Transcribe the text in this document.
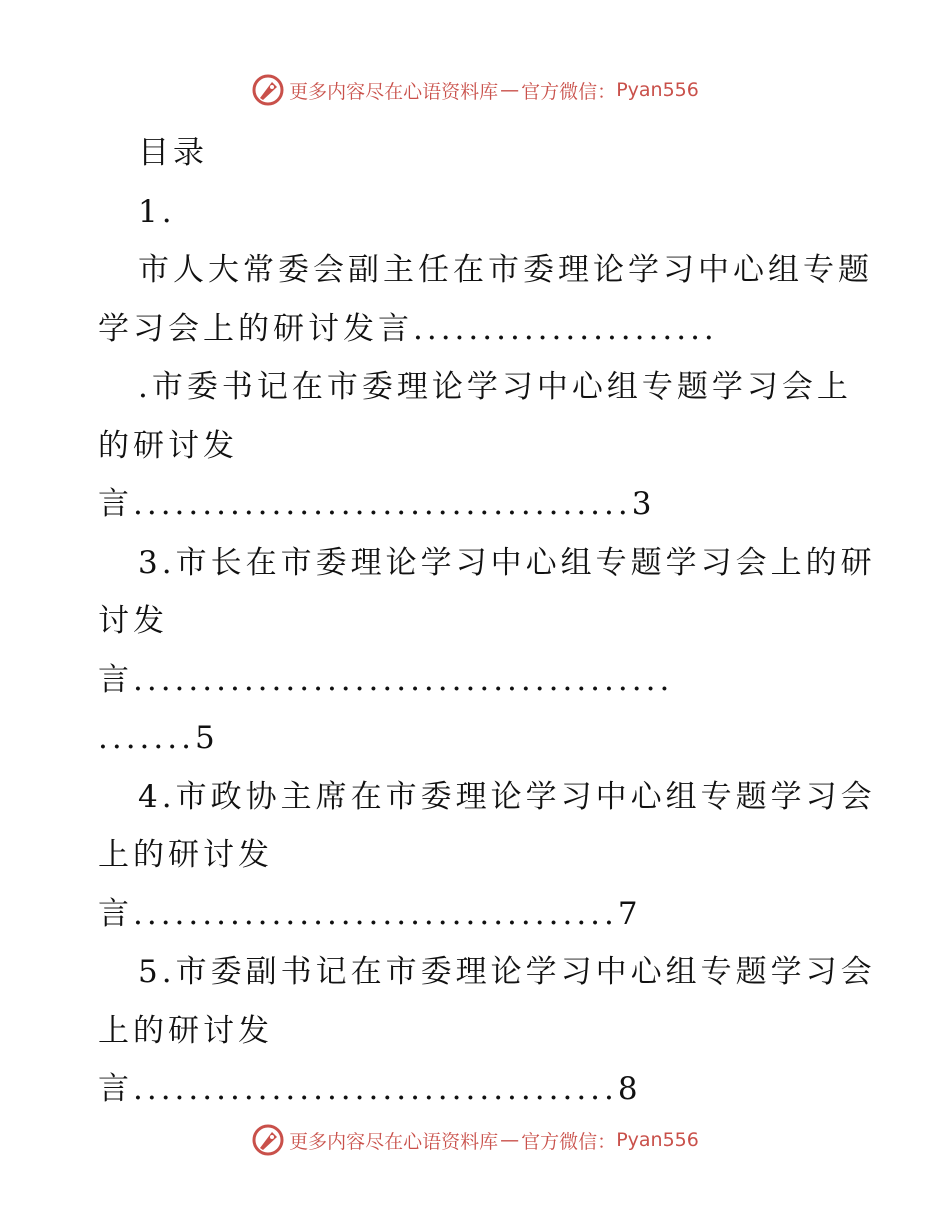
更多内容尽在心语资料库 — 官方微信： Pyan556
目录
1.
市人大常委会副主任在市委理论学习中心组专题
学习会上的研讨发言......................
.市委书记在市委理论学习中心组专题学习会上
的研讨发
言....................................3
3.市长在市委理论学习中心组专题学习会上的研
讨发
言.......................................
.......5
4.市政协主席在市委理论学习中心组专题学习会
上的研讨发
言...................................7
5.市委副书记在市委理论学习中心组专题学习会
上的研讨发
言...................................8
更多内容尽在心语资料库 — 官方微信： Pyan556
